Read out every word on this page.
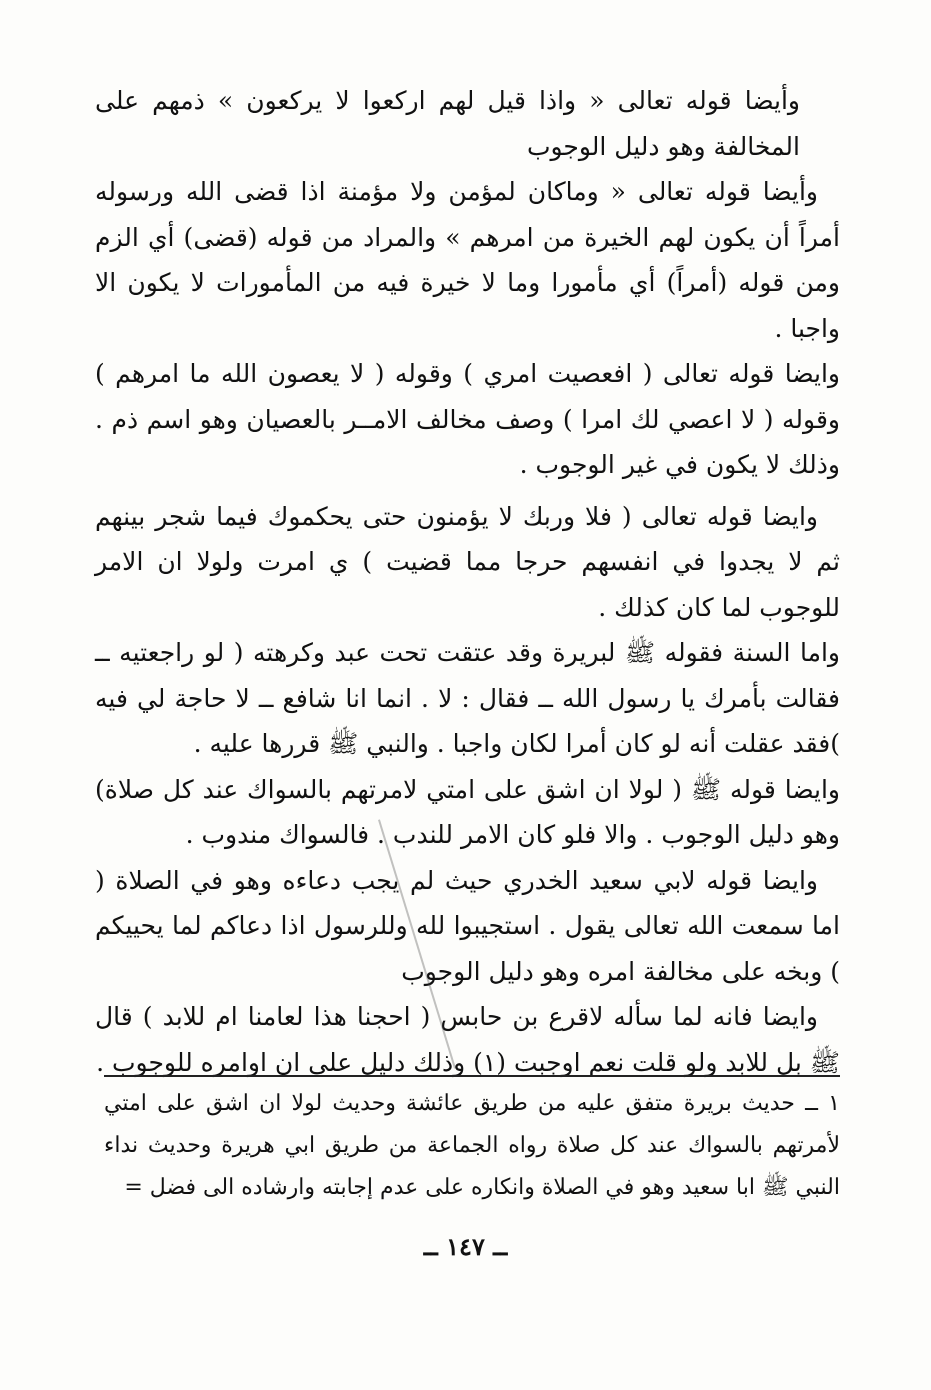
وأيضا قوله تعالى « واذا قيل لهم اركعوا لا يركعون » ذمهم على المخالفة وهو دليل الوجوب

وأيضا قوله تعالى « وماكان لمؤمن ولا مؤمنة اذا قضى الله ورسوله أمراً أن يكون لهم الخيرة من امرهم » والمراد من قوله (قضى) أي الزم ومن قوله (أمراً) أي مأمورا وما لا خيرة فيه من المأمورات لا يكون الا واجبا .

وايضا قوله تعالى ( افعصيت امري ) وقوله ( لا يعصون الله ما امرهم ) وقوله ( لا اعصي لك امرا ) وصف مخالف الامــر بالعصيان وهو اسم ذم . وذلك لا يكون في غير الوجوب .

وايضا قوله تعالى ( فلا وربك لا يؤمنون حتى يحكموك فيما شجر بينهم ثم لا يجدوا في انفسهم حرجا مما قضيت ) ي امرت ولولا ان الامر للوجوب لما كان كذلك .

واما السنة فقوله ﷺ لبريرة وقد عتقت تحت عبد وكرهته ( لو راجعتيه ــ فقالت بأمرك يا رسول الله ــ فقال : لا . انما انا شافع ــ لا حاجة لي فيه )فقد عقلت أنه لو كان أمرا لكان واجبا . والنبي ﷺ قررها عليه .

وايضا قوله ﷺ ( لولا ان اشق على امتي لامرتهم بالسواك عند كل صلاة) وهو دليل الوجوب . والا فلو كان الامر للندب . فالسواك مندوب .

وايضا قوله لابي سعيد الخدري حيث لم يجب دعاءه وهو في الصلاة ( اما سمعت الله تعالى يقول . استجيبوا لله وللرسول اذا دعاكم لما يحييكم ) وبخه على مخالفة امره وهو دليل الوجوب

وايضا فانه لما سأله لاقرع بن حابس ( احجنا هذا لعامنا ام للابد ) قال ﷺ بل للابد ولو قلت نعم اوجبت (١) وذلك دليل على ان اوامره للوجوب .

١ ــ حديث بريرة متفق عليه من طريق عائشة وحديث لولا ان اشق على امتي لأمرتهم بالسواك عند كل صلاة رواه الجماعة من طريق ابي هريرة وحديث نداء النبي ﷺ ابا سعيد وهو في الصلاة وانكاره على عدم إجابته وارشاده الى فضل =

ــ ١٤٧ ــ
